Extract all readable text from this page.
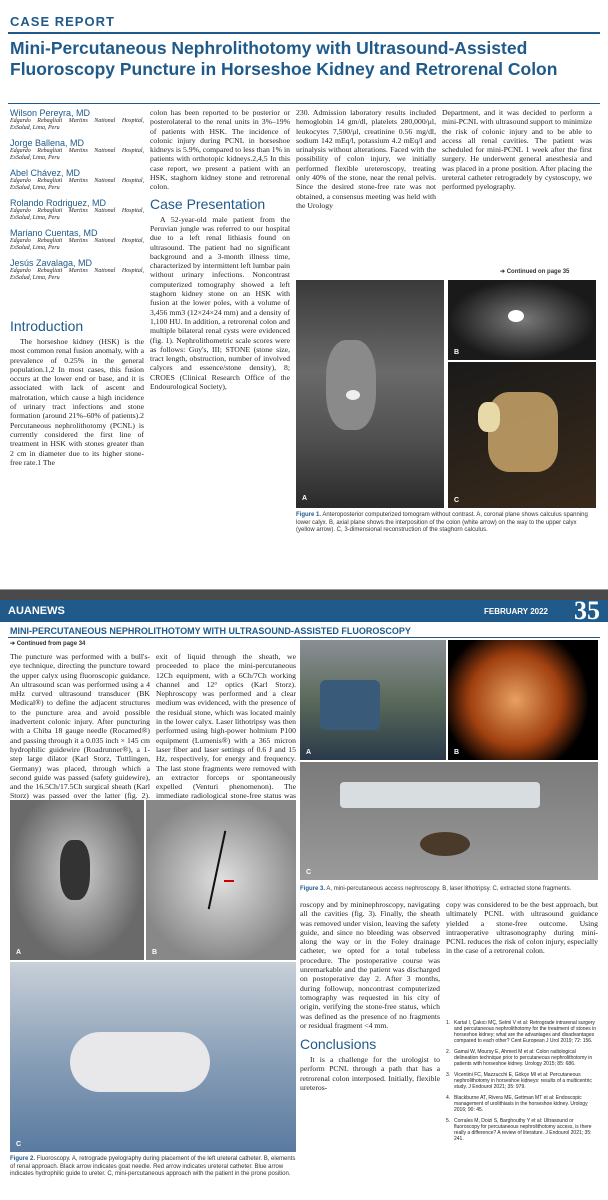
CASE REPORT
Mini-Percutaneous Nephrolithotomy with Ultrasound-Assisted Fluoroscopy Puncture in Horseshoe Kidney and Retrorenal Colon
Wilson Pereyra, MD
Edgardo Rebagliati Martins National Hospital, EsSalud, Lima, Peru
Jorge Ballena, MD
Edgardo Rebagliati Martins National Hospital, EsSalud, Lima, Peru
Abel Chávez, MD
Edgardo Rebagliati Martins National Hospital, EsSalud, Lima, Peru
Rolando Rodriguez, MD
Edgardo Rebagliati Martins National Hospital, EsSalud, Lima, Peru
Mariano Cuentas, MD
Edgardo Rebagliati Martins National Hospital, EsSalud, Lima, Peru
Jesús Zavalaga, MD
Edgardo Rebagliati Martins National Hospital, EsSalud, Lima, Peru
Introduction
The horseshoe kidney (HSK) is the most common renal fusion anomaly, with a prevalence of 0.25% in the general population.1,2 In most cases, this fusion occurs at the lower end or base, and it is associated with lack of ascent and malrotation, which cause a high incidence of urinary tract infections and stone formation (around 21%–60% of patients).2 Percutaneous nephrolithotomy (PCNL) is currently considered the first line of treatment in HSK with stones greater than 2 cm in diameter due to its higher stone-free rate.1 The
colon has been reported to be posterior or posterolateral to the renal units in 3%–19% of patients with HSK. The incidence of colonic injury during PCNL in horseshoe kidneys is 5.9%, compared to less than 1% in patients with orthotopic kidneys.2,4,5 In this case report, we present a patient with an HSK, staghorn kidney stone and retrorenal colon.
Case Presentation
A 52-year-old male patient from the Peruvian jungle was referred to our hospital due to a left renal lithiasis found on ultrasound. The patient had no significant background and a 3-month illness time, characterized by intermittent left lumbar pain without urinary infections. Noncontrast computerized tomography showed a left staghorn kidney stone on an HSK with fusion at the lower poles, with a volume of 3,456 mm3 (12×24×24 mm) and a density of 1,100 HU. In addition, a retrorenal colon and multiple bilateral renal cysts were evidenced (fig. 1). Nephrolithometric scale scores were as follows: Guy's, III; STONE (stone size, tract length, obstruction, number of involved calyces and essence/stone density), 8; CROES (Clinical Research Office of the Endourological Society),
230. Admission laboratory results included hemoglobin 14 gm/dl, platelets 280,000/μl, leukocytes 7,500/μl, creatinine 0.56 mg/dl, sodium 142 mEq/l, potassium 4.2 mEq/l and urinalysis without alterations. Faced with the possibility of colon injury, we initially performed flexible ureteroscopy, treating only 40% of the stone, near the renal pelvis. Since the desired stone-free rate was not obtained, a consensus meeting was held with the Urology
Department, and it was decided to perform a mini-PCNL with ultrasound support to minimize the risk of colonic injury and to be able to access all renal cavities. The patient was scheduled for mini-PCNL 1 week after the first surgery. He underwent general anesthesia and was placed in a prone position. After placing the ureteral catheter retrogradely by cystoscopy, we performed pyelography.
➔ Continued on page 35
A
B
C
Figure 1. Anteroposterior computerized tomogram without contrast. A, coronal plane shows calculus spanning lower calyx. B, axial plane shows the interposition of the colon (white arrow) on the way to the upper calyx (yellow arrow). C, 3-dimensional reconstruction of the staghorn calculus.
AUANEWS	FEBRUARY 2022 35
MINI-PERCUTANEOUS NEPHROLITHOTOMY WITH ULTRASOUND-ASSISTED FLUOROSCOPY
➔ Continued from page 34
The puncture was performed with a bull's-eye technique, directing the puncture toward the upper calyx using fluoroscopic guidance. An ultrasound scan was performed using a 4 mHz curved ultrasound transducer (BK Medical®) to define the adjacent structures to the puncture area and avoid possible inadvertent colonic injury. After puncturing with a Chiba 18 gauge needle (Rocamed®) and passing through it a 0.035 inch × 145 cm hydrophilic guidewire (Roadrunner®), a 1-step large dilator (Karl Storz, Tuttlingen, Germany) was placed, through which a second guide was passed (safety guidewire), and the 16.5Ch/17.5Ch surgical sheath (Karl Storz) was passed over the latter (fig. 2).
exit of liquid through the sheath, we proceeded to place the mini-percutaneous 12Ch equipment, with a 6Ch/7Ch working channel and 12° optics (Karl Storz). Nephroscopy was performed and a clear medium was evidenced, with the presence of the residual stone, which was located mainly in the lower calyx. Laser lithotripsy was then performed using high-power holmium P100 equipment (Lumenis®) with a 365 micron laser fiber and laser settings of 0.6 J and 15 Hz, respectively, for energy and frequency. The last stone fragments were removed with an extractor forceps or spontaneously expelled (Venturi phenomenon). The immediate radiological stone-free status was
A	B
C
Figure 3. A, mini-percutaneous access nephroscopy. B, laser lithotripsy. C, extracted stone fragments.
A	B
C
Figure 2. Fluoroscopy. A, retrograde pyelography during placement of the left ureteral catheter. B, elements of renal approach. Black arrow indicates goat needle. Red arrow indicates ureteral catheter. Blue arrow indicates hydrophilic guide to ureter. C, mini-percutaneous approach with the patient in the prone position.
roscopy and by mininephroscopy, navigating all the cavities (fig. 3). Finally, the sheath was removed under vision, leaving the safety guide, and since no bleeding was observed along the way or in the Foley drainage catheter, we opted for a total tubeless procedure. The postoperative course was unremarkable and the patient was discharged on postoperative day 2. After 3 months, during followup, noncontrast computerized tomography was requested in his city of origin, verifying the stone-free status, which was defined as the presence of no fragments or residual fragment <4 mm.
Conclusions
It is a challenge for the urologist to perform PCNL through a path that has a retrorenal colon interposed. Initially, flexible ureteros-
copy was considered to be the best approach, but ultimately PCNL with ultrasound guidance yielded a stone-free outcome. Using intraoperative ultrasonography during mini-PCNL reduces the risk of colon injury, especially in the case of a retrorenal colon.
1. Kartal I, Çakıcı MÇ, Selmi V et al: Retrograde intrarenal surgery and percutaneous nephrolithotomy for the treatment of stones in horseshoe kidney; what are the advantages and disadvantages compared to each other? Cent European J Urol 2019; 72: 156.
2. Gamal W, Moursy E, Ahmed M et al: Colon radiological delineation technique prior to percutaneous nephrolithotomy in patients with horseshoe kidney. Urology 2015; 85: 686.
3. Vicentini FC, Mazzucchi E, Gökçe MI et al: Percutaneous nephrolithotomy in horseshoe kidneys: results of a multicentric study. J Endourol 2021; 35: 979.
4. Blackburne AT, Rivera ME, Gettman MT et al: Endoscopic management of urolithiasis in the horseshoe kidney. Urology 2016; 90: 45.
5. Corrales M, Doizi S, Barghouthy Y et al: Ultrasound or fluoroscopy for percutaneous nephrolithotomy access, is there really a difference? A review of literature. J Endourol 2021; 35: 241.
